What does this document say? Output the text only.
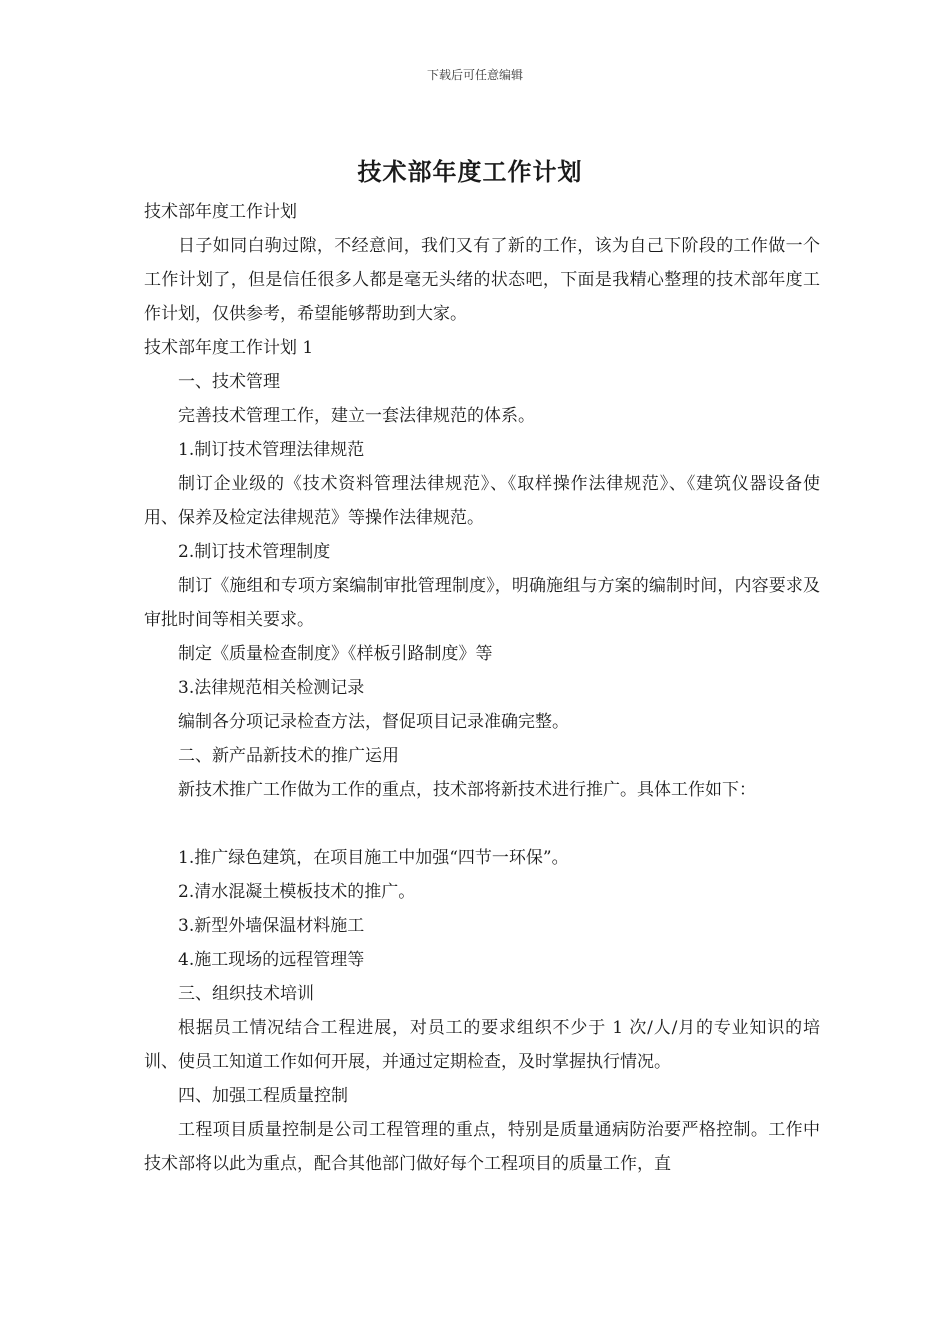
下载后可任意编辑
技术部年度工作计划

技术部年度工作计划

日子如同白驹过隙，不经意间，我们又有了新的工作，该为自己下阶段的工作做一个工作计划了，但是信任很多人都是毫无头绪的状态吧，下面是我精心整理的技术部年度工作计划，仅供参考，希望能够帮助到大家。

技术部年度工作计划 1

一、技术管理

完善技术管理工作，建立一套法律规范的体系。

1.制订技术管理法律规范

制订企业级的《技术资料管理法律规范》、《取样操作法律规范》、《建筑仪器设备使用、保养及检定法律规范》等操作法律规范。

2.制订技术管理制度

制订《施组和专项方案编制审批管理制度》，明确施组与方案的编制时间，内容要求及审批时间等相关要求。

制定《质量检查制度》《样板引路制度》等

3.法律规范相关检测记录

编制各分项记录检查方法，督促项目记录准确完整。

二、新产品新技术的推广运用

新技术推广工作做为工作的重点，技术部将新技术进行推广。具体工作如下：

1.推广绿色建筑，在项目施工中加强“四节一环保”。

2.清水混凝土模板技术的推广。

3.新型外墙保温材料施工

4.施工现场的远程管理等

三、组织技术培训

根据员工情况结合工程进展，对员工的要求组织不少于 1 次/人/月的专业知识的培训、使员工知道工作如何开展，并通过定期检查，及时掌握执行情况。

四、加强工程质量控制

工程项目质量控制是公司工程管理的重点，特别是质量通病防治要严格控制。工作中技术部将以此为重点，配合其他部门做好每个工程项目的质量工作，直
